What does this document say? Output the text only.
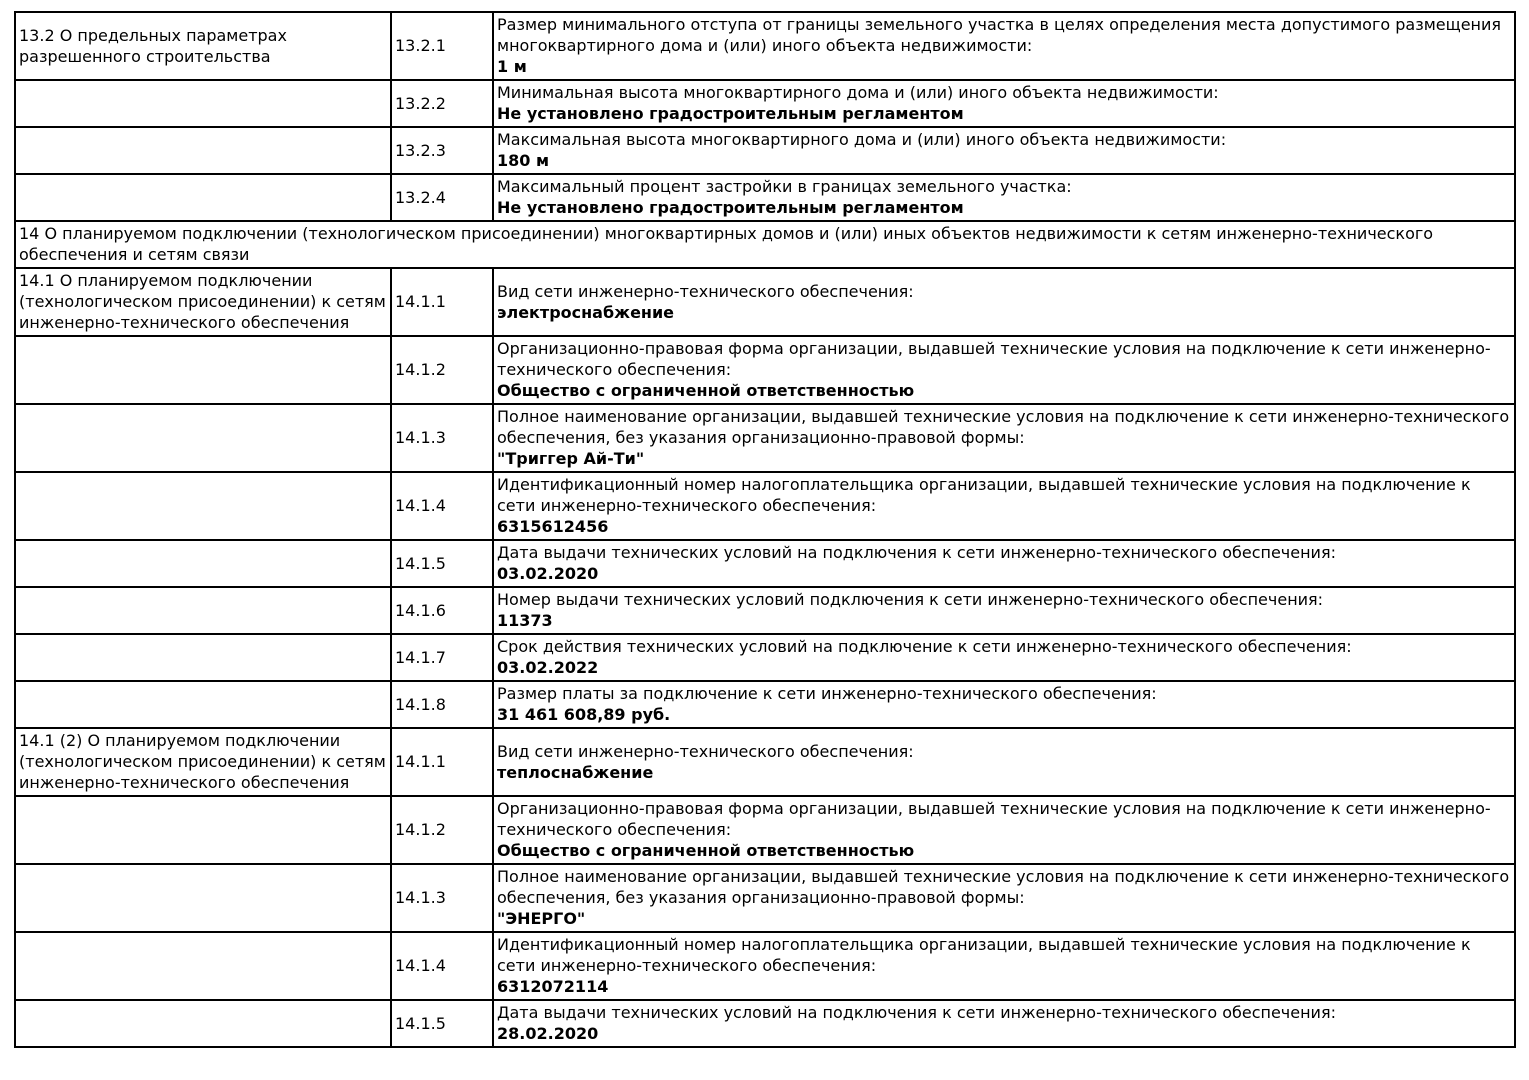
13.2 О предельных параметрах разрешенного строительства	13.2.1	Размер минимального отступа от границы земельного участка в целях определения места допустимого размещения многоквартирного дома и (или) иного объекта недвижимости:
1 м

	13.2.2	Минимальная высота многоквартирного дома и (или) иного объекта недвижимости:
Не установлено градостроительным регламентом

	13.2.3	Максимальная высота многоквартирного дома и (или) иного объекта недвижимости:
180 м

	13.2.4	Максимальный процент застройки в границах земельного участка:
Не установлено градостроительным регламентом

14 О планируемом подключении (технологическом присоединении) многоквартирных домов и (или) иных объектов недвижимости к сетям инженерно-технического обеспечения и сетям связи		
14.1 О планируемом подключении (технологическом присоединении) к сетям инженерно-технического обеспечения	14.1.1	Вид сети инженерно-технического обеспечения:
электроснабжение

	14.1.2	Организационно-правовая форма организации, выдавшей технические условия на подключение к сети инженерно-технического обеспечения:
Общество с ограниченной ответственностью

	14.1.3	Полное наименование организации, выдавшей технические условия на подключение к сети инженерно-технического обеспечения, без указания организационно-правовой формы:
"Триггер Ай-Ти"

	14.1.4	Идентификационный номер налогоплательщика организации, выдавшей технические условия на подключение к сети инженерно-технического обеспечения:
6315612456

	14.1.5	Дата выдачи технических условий на подключения к сети инженерно-технического обеспечения:
03.02.2020

	14.1.6	Номер выдачи технических условий подключения к сети инженерно-технического обеспечения:
11373

	14.1.7	Срок действия технических условий на подключение к сети инженерно-технического обеспечения:
03.02.2022

	14.1.8	Размер платы за подключение к сети инженерно-технического обеспечения:
31 461 608,89 руб.

14.1 (2) О планируемом подключении (технологическом присоединении) к сетям инженерно-технического обеспечения	14.1.1	Вид сети инженерно-технического обеспечения:
теплоснабжение

	14.1.2	Организационно-правовая форма организации, выдавшей технические условия на подключение к сети инженерно-технического обеспечения:
Общество с ограниченной ответственностью

	14.1.3	Полное наименование организации, выдавшей технические условия на подключение к сети инженерно-технического обеспечения, без указания организационно-правовой формы:
"ЭНЕРГО"

	14.1.4	Идентификационный номер налогоплательщика организации, выдавшей технические условия на подключение к сети инженерно-технического обеспечения:
6312072114

	14.1.5	Дата выдачи технических условий на подключения к сети инженерно-технического обеспечения:
28.02.2020
